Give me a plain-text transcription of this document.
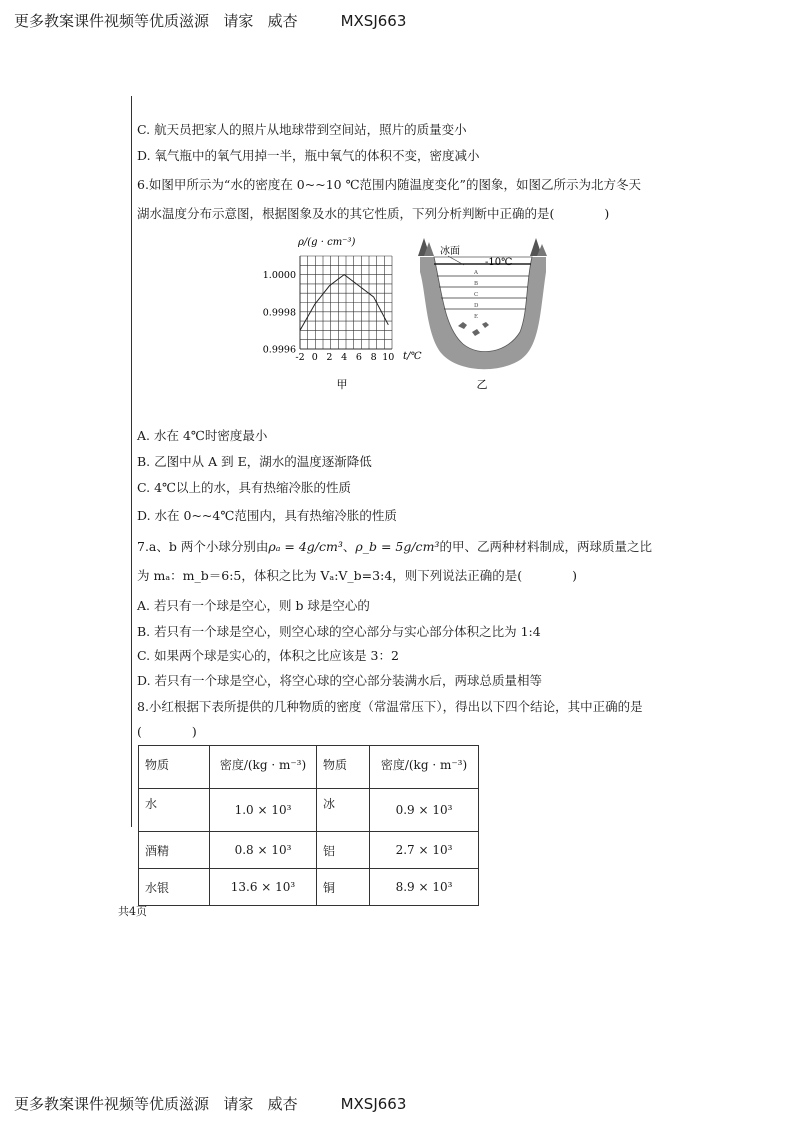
更多教案课件视频等优质滋源 请家 威杏	MXSJ663
C. 航天员把家人的照片从地球带到空间站，照片的质量变小
D. 氧气瓶中的氧气用掉一半，瓶中氧气的体积不变，密度减小
6.如图甲所示为“水的密度在 0~~10 ℃范围内随温度变化”的图象，如图乙所示为北方冬天
湖水温度分布示意图，根据图象及水的其它性质，下列分析判断中正确的是(　　　　)
ρ/(g · cm⁻³)
1.0000
0.9998
0.9996
-2 0 2 4 6 8 10 t/℃
甲
A
B
C
D
E
冰面
-10℃
乙
A. 水在 4℃时密度最小
B. 乙图中从 A 到 E，湖水的温度逐渐降低
C. 4℃以上的水，具有热缩冷胀的性质
D. 水在 0~~4℃范围内，具有热缩冷胀的性质
7.a、b 两个小球分别由ρₐ = 4g/cm³、ρ_b = 5g/cm³的甲、乙两种材料制成，两球质量之比
为 mₐ：m_b＝6:5，体积之比为 Vₐ:V_b=3:4，则下列说法正确的是(　　　　)
A. 若只有一个球是空心，则 b 球是空心的
B. 若只有一个球是空心，则空心球的空心部分与实心部分体积之比为 1:4
C. 如果两个球是实心的，体积之比应该是 3：2
D. 若只有一个球是空心，将空心球的空心部分装满水后，两球总质量相等
8.小红根据下表所提供的几种物质的密度（常温常压下），得出以下四个结论，其中正确的是
(　　　　)
物质	密度/(kg · m⁻³)	物质	密度/(kg · m⁻³)
水	1.0 × 10³	冰	0.9 × 10³
酒精	0.8 × 10³	铝	2.7 × 10³
水银	13.6 × 10³	铜	8.9 × 10³
共4页
更多教案课件视频等优质滋源 请家 威杏	MXSJ663
